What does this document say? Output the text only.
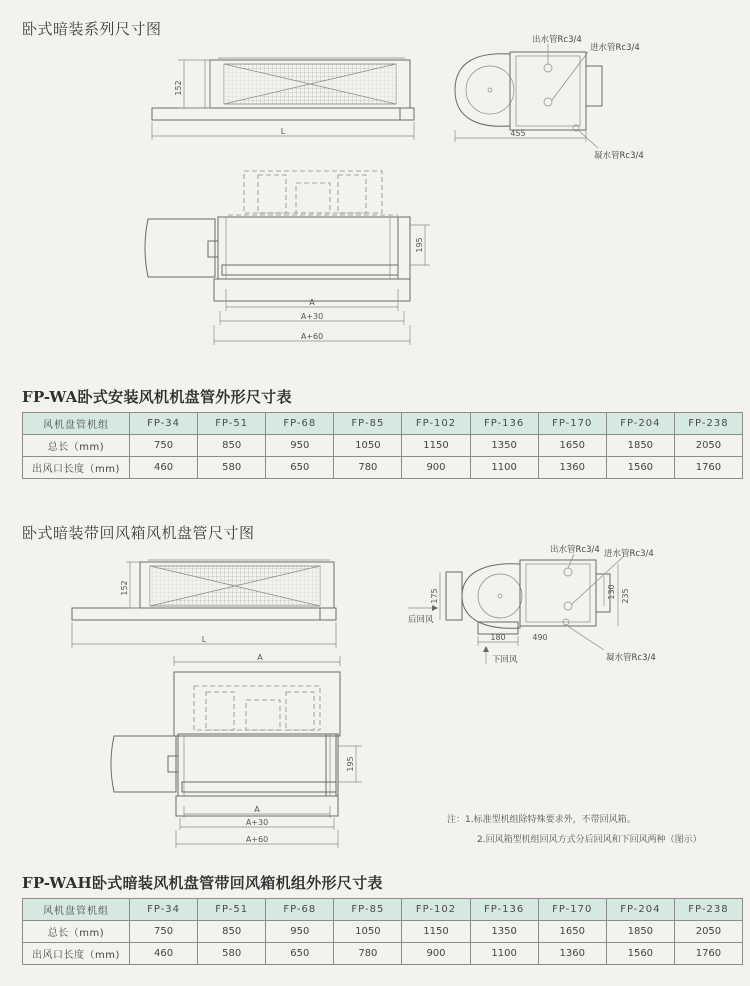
卧式暗装系列尺寸图
152
L
出水管Rc3/4
进水管Rc3/4
凝水管Rc3/4
455
195
A
A+30
A+60
FP-WA卧式安装风机机盘管外形尺寸表
风机盘管机组	FP-34	FP-51	FP-68	FP-85	FP-102	FP-136	FP-170	FP-204	FP-238
总长（mm)	750	850	950	1050	1150	1350	1650	1850	2050
出风口长度（mm)	460	580	650	780	900	1100	1360	1560	1760
卧式暗装带回风箱风机盘管尺寸图
152
L
出水管Rc3/4 进水管Rc3/4
凝水管Rc3/4
130 235
175
后回风
180	490
下回风
A
195
A
A+30
A+60
注：1.标准型机组除特殊要求外，不带回风箱。
2.回风箱型机组回风方式分后回风和下回风两种（图示）
FP-WAH卧式暗装风机盘管带回风箱机组外形尺寸表
风机盘管机组	FP-34	FP-51	FP-68	FP-85	FP-102	FP-136	FP-170	FP-204	FP-238
总长（mm)	750	850	950	1050	1150	1350	1650	1850	2050
出风口长度（mm)	460	580	650	780	900	1100	1360	1560	1760
